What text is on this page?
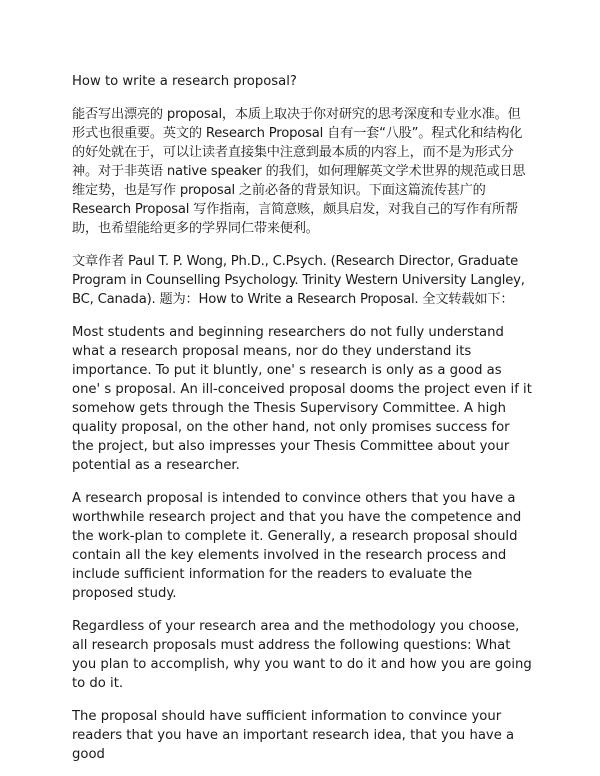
How to write a research proposal?

能否写出漂亮的 proposal，本质上取决于你对研究的思考深度和专业水准。但形式也很重要。英文的 Research Proposal 自有一套“八股”。程式化和结构化的好处就在于，可以让读者直接集中注意到最本质的内容上，而不是为形式分神。对于非英语 native speaker 的我们，如何理解英文学术世界的规范或日思维定势，也是写作 proposal 之前必备的背景知识。下面这篇流传甚广的 Research Proposal 写作指南，言简意赅，颇具启发，对我自己的写作有所帮助，也希望能给更多的学界同仁带来便利。

文章作者 Paul T. P. Wong, Ph.D., C.Psych. (Research Director, Graduate Program in Counselling Psychology. Trinity Western University Langley, BC, Canada). 题为：How to Write a Research Proposal. 全文转载如下：

Most students and beginning researchers do not fully understand what a research proposal means, nor do they understand its importance. To put it bluntly, one' s research is only as a good as one' s proposal. An ill-conceived proposal dooms the project even if it somehow gets through the Thesis Supervisory Committee. A high quality proposal, on the other hand, not only promises success for the project, but also impresses your Thesis Committee about your potential as a researcher.

A research proposal is intended to convince others that you have a worthwhile research project and that you have the competence and the work-plan to complete it. Generally, a research proposal should contain all the key elements involved in the research process and include sufficient information for the readers to evaluate the proposed study.

Regardless of your research area and the methodology you choose, all research proposals must address the following questions: What you plan to accomplish, why you want to do it and how you are going to do it.

The proposal should have sufficient information to convince your readers that you have an important research idea, that you have a good
